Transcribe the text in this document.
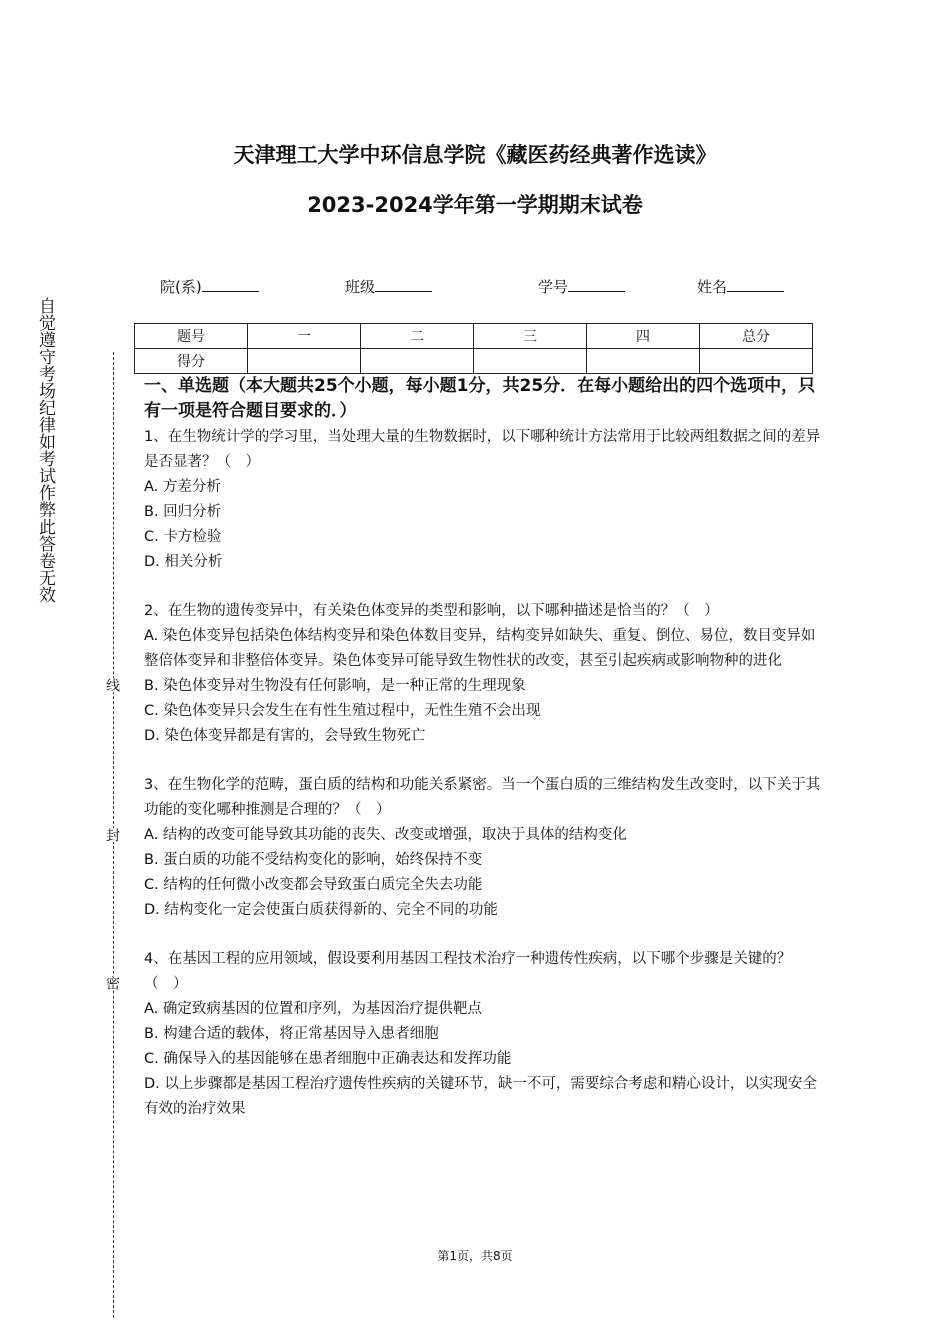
天津理工大学中环信息学院《藏医药经典著作选读》
2023-2024学年第一学期期末试卷
院(系)	班级	学号	姓名
题号	一	二	三	四	总分
得分					
自觉遵守考场纪律如考试作弊此答卷无效
线
封
密
一、单选题（本大题共25个小题，每小题1分，共25分．在每小题给出的四个选项中，只有一项是符合题目要求的．）
1、在生物统计学的学习里，当处理大量的生物数据时，以下哪种统计方法常用于比较两组数据之间的差异是否显著？（　）
A. 方差分析
B. 回归分析
C. 卡方检验
D. 相关分析
2、在生物的遗传变异中，有关染色体变异的类型和影响，以下哪种描述是恰当的？（　）
A. 染色体变异包括染色体结构变异和染色体数目变异，结构变异如缺失、重复、倒位、易位，数目变异如整倍体变异和非整倍体变异。染色体变异可能导致生物性状的改变，甚至引起疾病或影响物种的进化
B. 染色体变异对生物没有任何影响，是一种正常的生理现象
C. 染色体变异只会发生在有性生殖过程中，无性生殖不会出现
D. 染色体变异都是有害的，会导致生物死亡
3、在生物化学的范畴，蛋白质的结构和功能关系紧密。当一个蛋白质的三维结构发生改变时，以下关于其功能的变化哪种推测是合理的？（　）
A. 结构的改变可能导致其功能的丧失、改变或增强，取决于具体的结构变化
B. 蛋白质的功能不受结构变化的影响，始终保持不变
C. 结构的任何微小改变都会导致蛋白质完全失去功能
D. 结构变化一定会使蛋白质获得新的、完全不同的功能
4、在基因工程的应用领域，假设要利用基因工程技术治疗一种遗传性疾病，以下哪个步骤是关键的？（　）
A. 确定致病基因的位置和序列，为基因治疗提供靶点
B. 构建合适的载体，将正常基因导入患者细胞
C. 确保导入的基因能够在患者细胞中正确表达和发挥功能
D. 以上步骤都是基因工程治疗遗传性疾病的关键环节，缺一不可，需要综合考虑和精心设计，以实现安全有效的治疗效果
第1页，共8页
